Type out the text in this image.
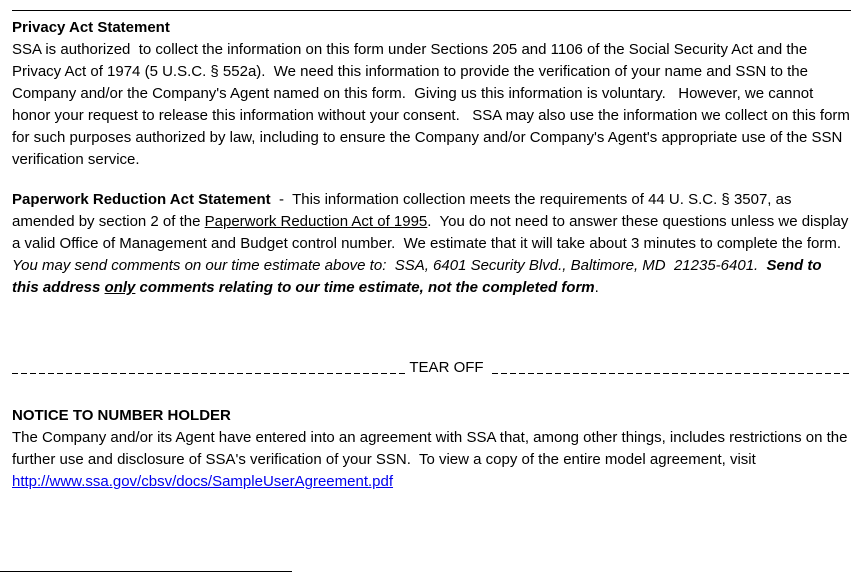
Privacy Act Statement

SSA is authorized  to collect the information on this form under Sections 205 and 1106 of the Social Security Act and the Privacy Act of 1974 (5 U.S.C. § 552a).  We need this information to provide the verification of your name and SSN to the Company and/or the Company's Agent named on this form.  Giving us this information is voluntary.   However, we cannot honor your request to release this information without your consent.   SSA may also use the information we collect on this form for such purposes authorized by law, including to ensure the Company and/or Company's Agent's appropriate use of the SSN verification service.

Paperwork Reduction Act Statement  -  This information collection meets the requirements of 44 U. S.C. § 3507, as amended by section 2 of the Paperwork Reduction Act of 1995.  You do not need to answer these questions unless we display a valid Office of Management and Budget control number.  We estimate that it will take about 3 minutes to complete the form.  You may send comments on our time estimate above to:  SSA, 6401 Security Blvd., Baltimore, MD  21235-6401.  Send to this address only comments relating to our time estimate, not the completed form.

TEAR OFF
NOTICE TO NUMBER HOLDER

The Company and/or its Agent have entered into an agreement with SSA that, among other things, includes restrictions on the further use and disclosure of SSA's verification of your SSN.  To view a copy of the entire model agreement, visit http://www.ssa.gov/cbsv/docs/SampleUserAgreement.pdf
